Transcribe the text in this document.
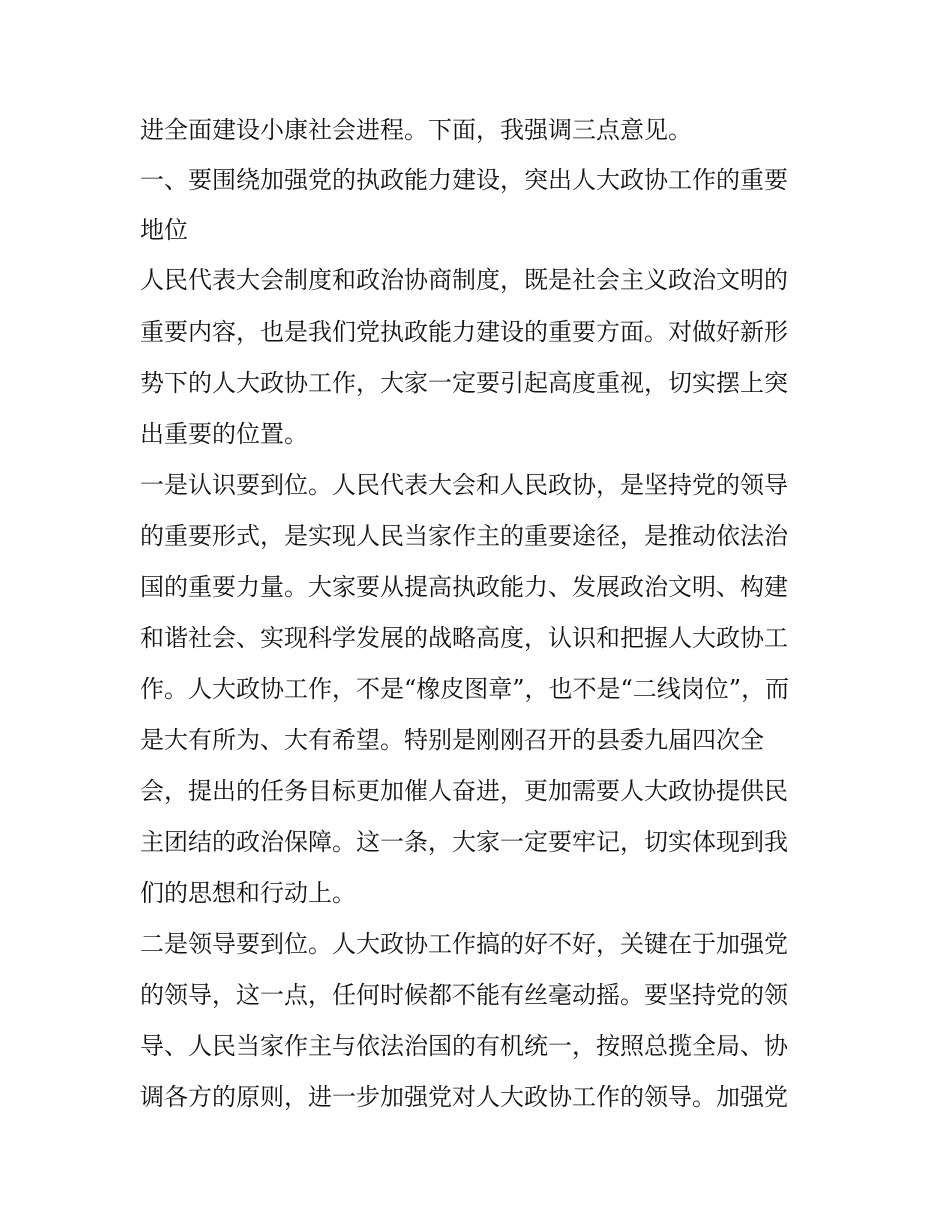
进全面建设小康社会进程。下面，我强调三点意见。
一、要围绕加强党的执政能力建设，突出人大政协工作的重要
地位
人民代表大会制度和政治协商制度，既是社会主义政治文明的
重要内容，也是我们党执政能力建设的重要方面。对做好新形
势下的人大政协工作，大家一定要引起高度重视，切实摆上突
出重要的位置。
一是认识要到位。人民代表大会和人民政协，是坚持党的领导
的重要形式，是实现人民当家作主的重要途径，是推动依法治
国的重要力量。大家要从提高执政能力、发展政治文明、构建
和谐社会、实现科学发展的战略高度，认识和把握人大政协工
作。人大政协工作，不是“橡皮图章”，也不是“二线岗位”，而
是大有所为、大有希望。特别是刚刚召开的县委九届四次全
会，提出的任务目标更加催人奋进，更加需要人大政协提供民
主团结的政治保障。这一条，大家一定要牢记，切实体现到我
们的思想和行动上。
二是领导要到位。人大政协工作搞的好不好，关键在于加强党
的领导，这一点，任何时候都不能有丝毫动摇。要坚持党的领
导、人民当家作主与依法治国的有机统一，按照总揽全局、协
调各方的原则，进一步加强党对人大政协工作的领导。加强党
